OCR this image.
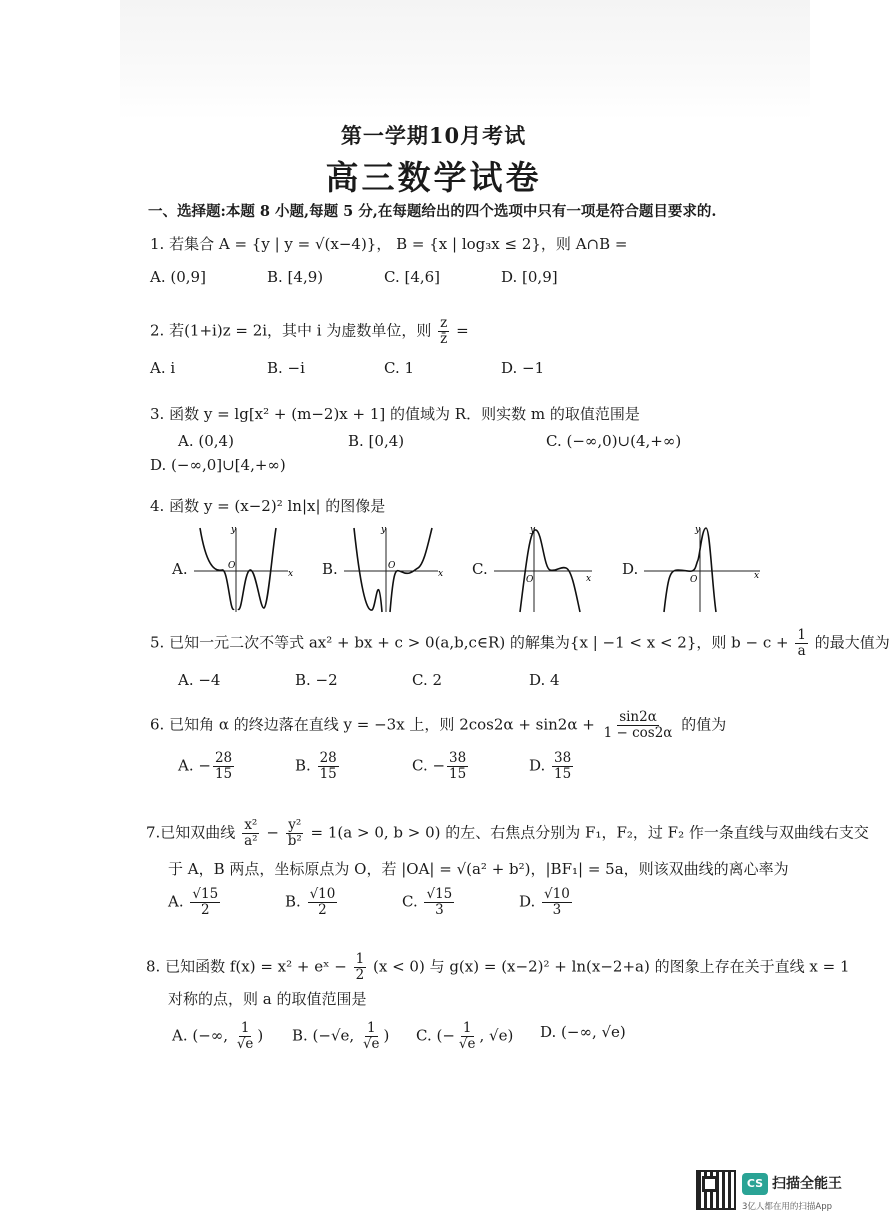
第一学期10月考试
高三数学试卷
一、选择题:本题 8 小题,每题 5 分,在每题给出的四个选项中只有一项是符合题目要求的.
1. 若集合 A = {y | y = √(x−4)}， B = {x | log₃x ≤ 2}，则 A∩B =
A. (0,9]	B. [4,9)	C. [4,6]	D. [0,9]
2. 若(1+i)z = 2i，其中 i 为虚数单位，则 $\frac{z}{z̄}$ =
A. i	B. −i	C. 1	D. −1
3. 函数 y = lg[x² + (m−2)x + 1] 的值域为 R．则实数 m 的取值范围是
A. (0,4)	B. [0,4)	C. (−∞,0)∪(4,+∞)
D. (−∞,0]∪[4,+∞)
4. 函数 y = (x−2)² ln|x| 的图像是
A.	x
y
O	B.	x
y
O	C.
x
y
O
D.	x
y
O
5. 已知一元二次不等式 ax² + bx + c > 0(a,b,c∈R) 的解集为{x | −1 < x < 2}，则 $b - c + \frac{1}{a}$ 的最大值为
A. −4	B. −2	C. 2	D. 4
6. 已知角 α 的终边落在直线 y = −3x 上，则 $2\cos 2\alpha + \sin 2\alpha + \frac{\sin 2\alpha}{1 - \cos 2\alpha}$ 的值为
A. − $\frac{28}{15}$	B. $\frac{28}{15}$	C. − $\frac{38}{15}$	D. $\frac{38}{15}$
7.已知双曲线 $\frac{\text{x²}}{\text{a²}} - \frac{\text{y²}}{\text{b²}} = 1(a > 0$, b > 0) 的左、右焦点分别为 F₁，F₂，过 F₂ 作一条直线与双曲线右支交
于 A，B 两点，坐标原点为 O，若 |OA| = √(a² + b²)，|BF₁| = 5a，则该双曲线的离心率为
A. $\frac{√15}{2}$	B. $\frac{√10}{2}$	C. $\frac{√15}{3}$	D. $\frac{√10}{3}$
8. 已知函数 f(x) = x² + eˣ − $\frac{1}{2} (x < 0)$ 与 g(x) = (x−2)² + ln(x−2+a) 的图象上存在关于直线 x = 1
对称的点，则 a 的取值范围是
A. (−∞, $\frac{1}{√e}$ )	B. (−√e, $\frac{1}{√e}$ )	C. (− $\frac{1}{√e}$ , √e)	D. (−∞, √e)
CS 扫描全能王
3亿人都在用的扫描App
